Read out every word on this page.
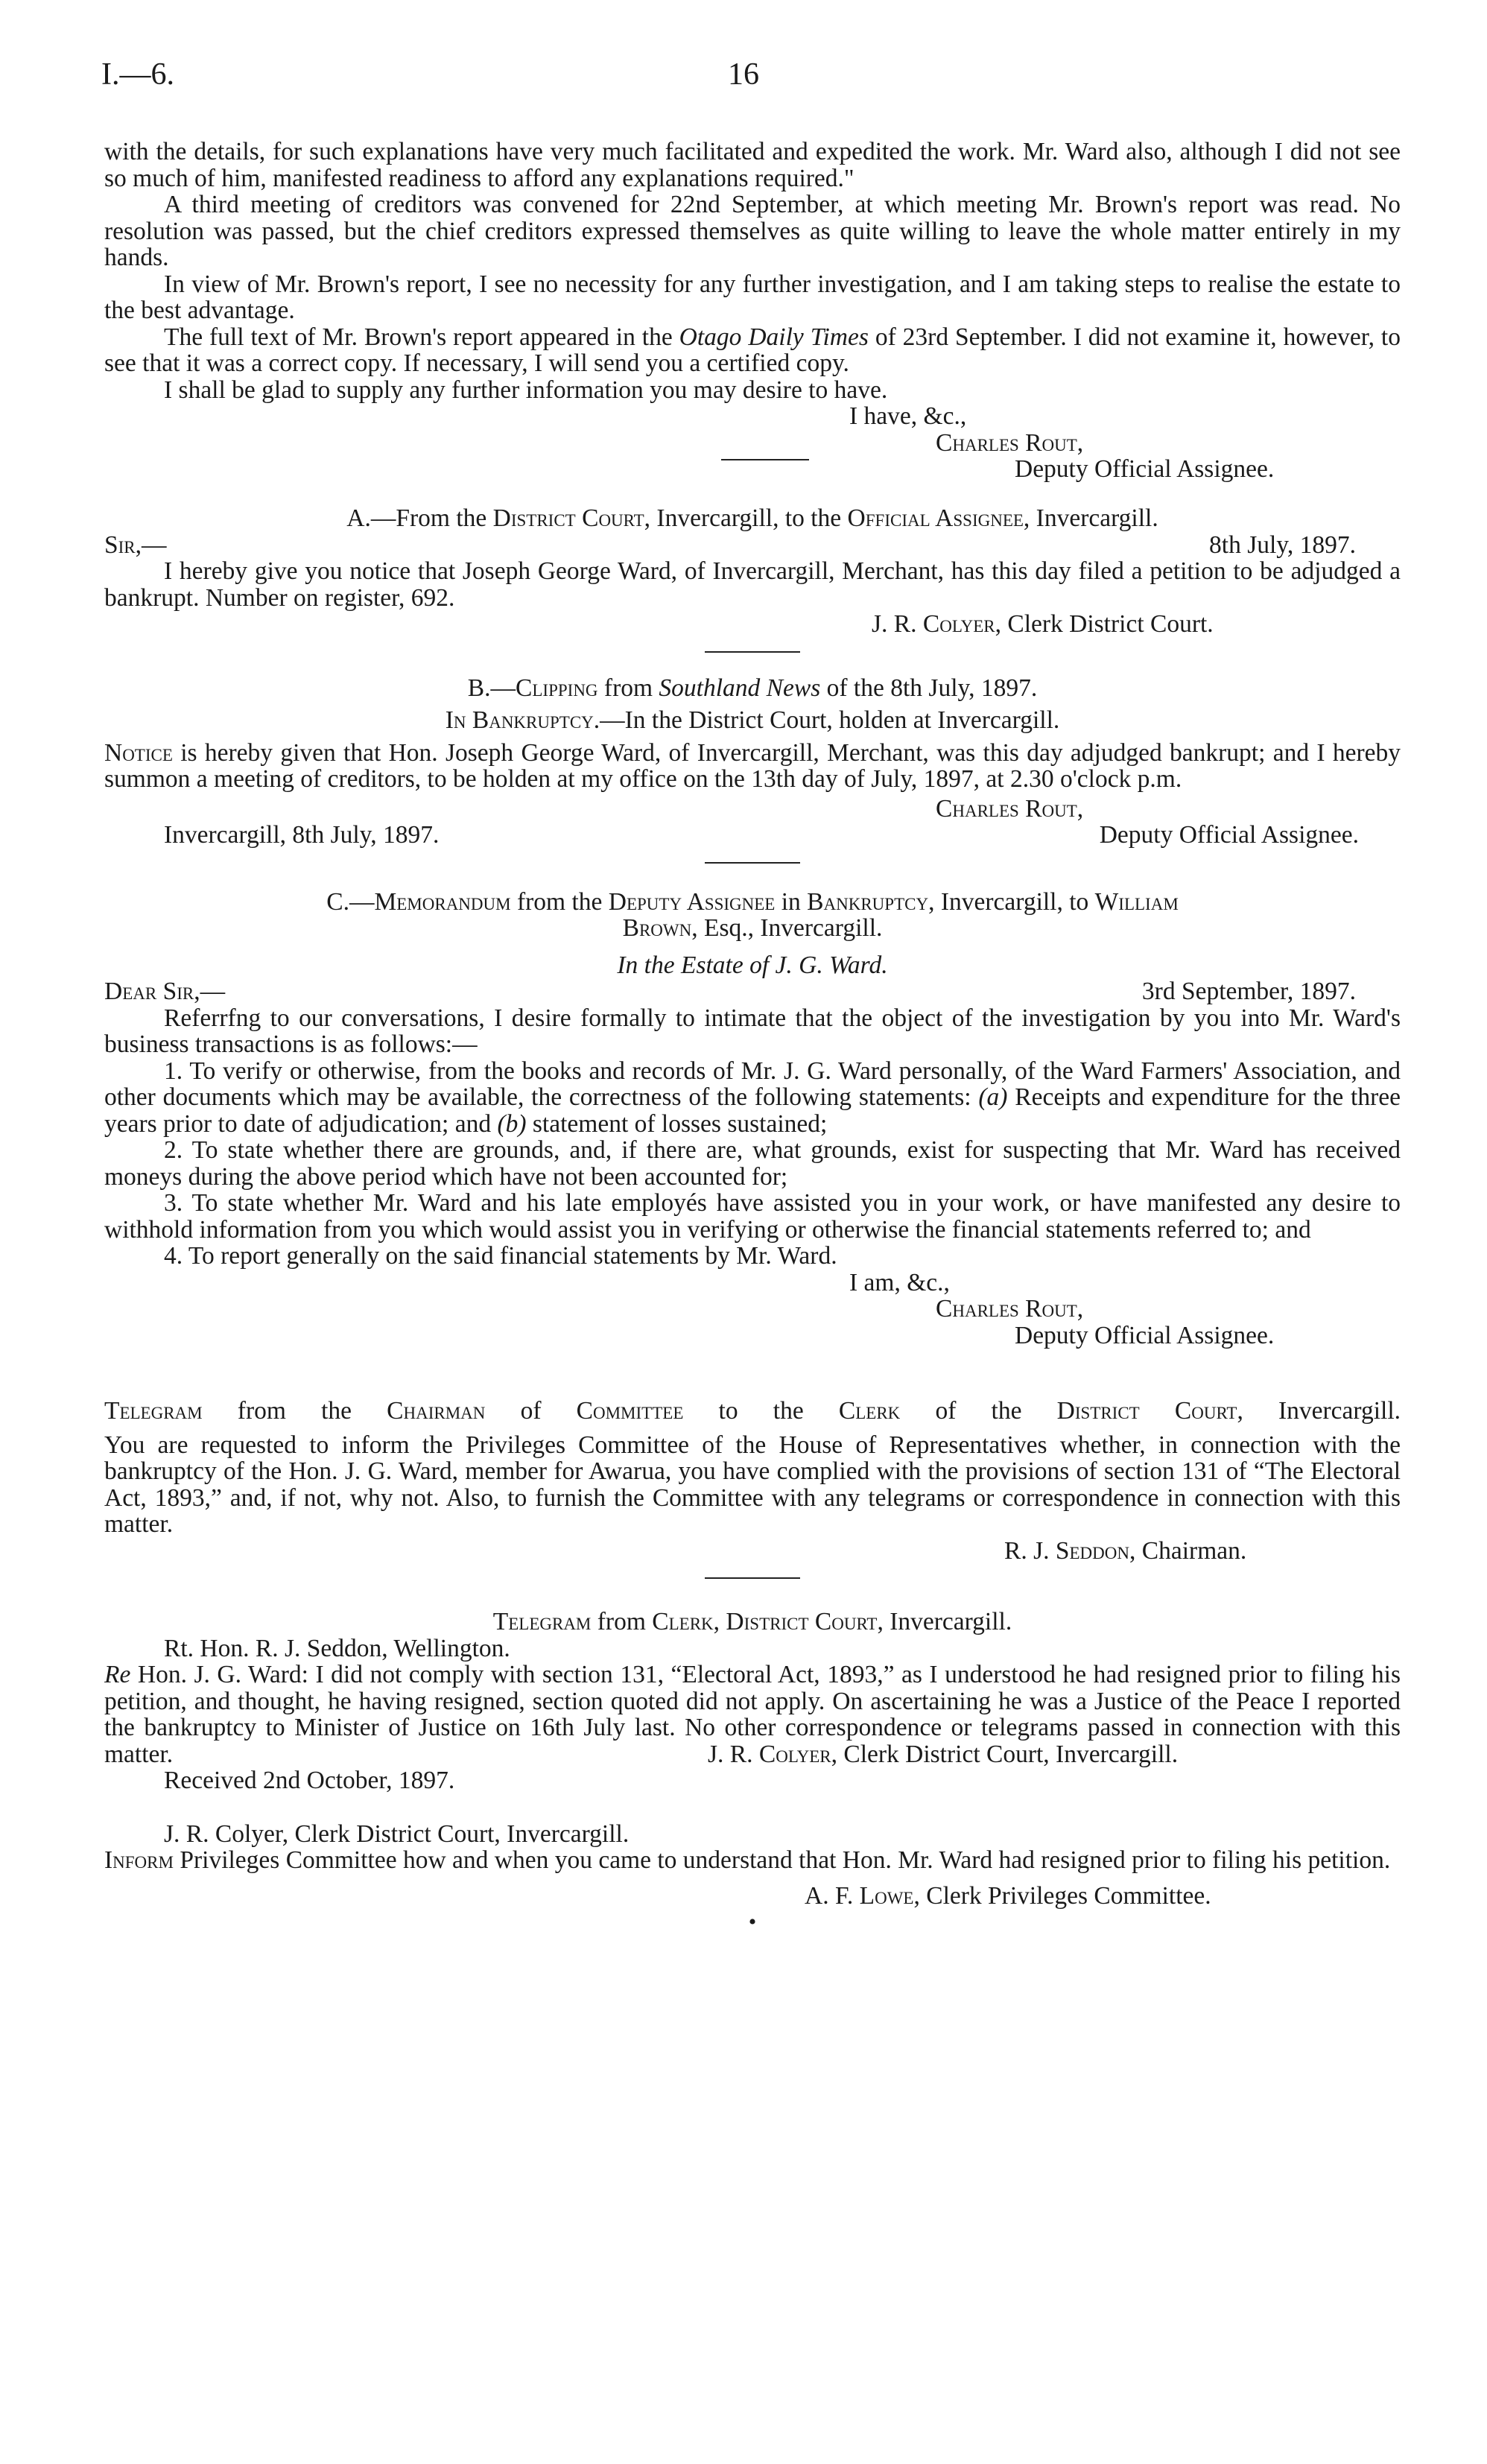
I.—6.	16

with the details, for such explanations have very much facilitated and expedited the work. Mr. Ward also, although I did not see so much of him, manifested readiness to afford any explanations required."

A third meeting of creditors was convened for 22nd September, at which meeting Mr. Brown's report was read. No resolution was passed, but the chief creditors expressed themselves as quite willing to leave the whole matter entirely in my hands.

In view of Mr. Brown's report, I see no necessity for any further investigation, and I am taking steps to realise the estate to the best advantage.

The full text of Mr. Brown's report appeared in the Otago Daily Times of 23rd September. I did not examine it, however, to see that it was a correct copy. If necessary, I will send you a certified copy.

I shall be glad to supply any further information you may desire to have.

I have, &c.,
Charles Rout,
Deputy Official Assignee.

A.—From the District Court, Invercargill, to the Official Assignee, Invercargill.

Sir,—	8th July, 1897.

I hereby give you notice that Joseph George Ward, of Invercargill, Merchant, has this day filed a petition to be adjudged a bankrupt. Number on register, 692.

J. R. Colyer, Clerk District Court.

B.—Clipping from Southland News of the 8th July, 1897.

In Bankruptcy.—In the District Court, holden at Invercargill.

Notice is hereby given that Hon. Joseph George Ward, of Invercargill, Merchant, was this day adjudged bankrupt; and I hereby summon a meeting of creditors, to be holden at my office on the 13th day of July, 1897, at 2.30 o'clock p.m.

Charles Rout,
Invercargill, 8th July, 1897.	Deputy Official Assignee.

C.—Memorandum from the Deputy Assignee in Bankruptcy, Invercargill, to William
Brown, Esq., Invercargill.

In the Estate of J. G. Ward.

Dear Sir,—	3rd September, 1897.

Referrfng to our conversations, I desire formally to intimate that the object of the investigation by you into Mr. Ward's business transactions is as follows:—

1. To verify or otherwise, from the books and records of Mr. J. G. Ward personally, of the Ward Farmers' Association, and other documents which may be available, the correctness of the following statements: (a) Receipts and expenditure for the three years prior to date of adjudication; and (b) statement of losses sustained;

2. To state whether there are grounds, and, if there are, what grounds, exist for suspecting that Mr. Ward has received moneys during the above period which have not been accounted for;

3. To state whether Mr. Ward and his late employés have assisted you in your work, or have manifested any desire to withhold information from you which would assist you in verifying or otherwise the financial statements referred to; and

4. To report generally on the said financial statements by Mr. Ward.

I am, &c.,
Charles Rout,
Deputy Official Assignee.

Telegram from the Chairman of Committee to the Clerk of the District Court, Invercargill.

You are requested to inform the Privileges Committee of the House of Representatives whether, in connection with the bankruptcy of the Hon. J. G. Ward, member for Awarua, you have complied with the provisions of section 131 of “The Electoral Act, 1893,” and, if not, why not. Also, to furnish the Committee with any telegrams or correspondence in connection with this matter.

R. J. Seddon, Chairman.

Telegram from Clerk, District Court, Invercargill.

Rt. Hon. R. J. Seddon, Wellington.

Re Hon. J. G. Ward: I did not comply with section 131, “Electoral Act, 1893,” as I understood he had resigned prior to filing his petition, and thought, he having resigned, section quoted did not apply. On ascertaining he was a Justice of the Peace I reported the bankruptcy to Minister of Justice on 16th July last. No other correspondence or telegrams passed in connection with this matter.	J. R. Colyer, Clerk District Court, Invercargill.

Received 2nd October, 1897.

J. R. Colyer, Clerk District Court, Invercargill.

Inform Privileges Committee how and when you came to understand that Hon. Mr. Ward had resigned prior to filing his petition.

A. F. Lowe, Clerk Privileges Committee.
•
